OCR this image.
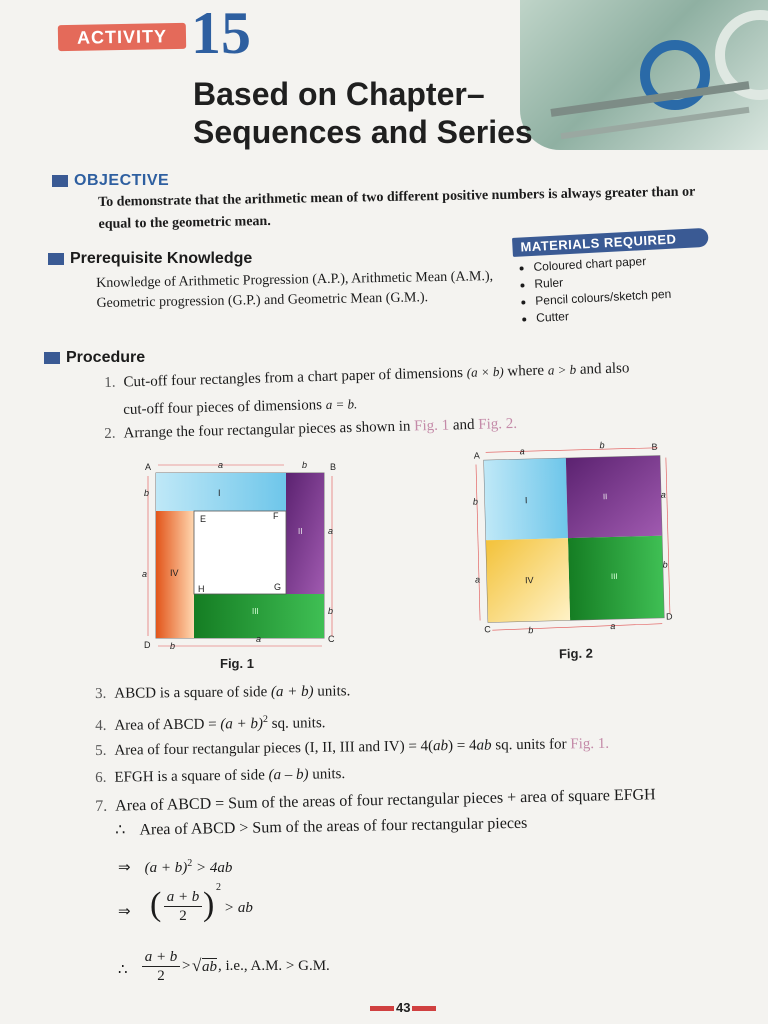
ACTIVITY 15
Based on Chapter–
Sequences and Series
OBJECTIVE
To demonstrate that the arithmetic mean of two different positive numbers is always greater than or equal to the geometric mean.
Prerequisite Knowledge
Knowledge of Arithmetic Progression (A.P.), Arithmetic Mean (A.M.), Geometric progression (G.P.) and Geometric Mean (G.M.).
MATERIALS REQUIRED
• Coloured chart paper
• Ruler
• Pencil colours/sketch pen
• Cutter
Procedure
1. Cut-off four rectangles from a chart paper of dimensions (a × b) where a > b and also
cut-off four pieces of dimensions a = b.
2. Arrange the four rectangular pieces as shown in Fig. 1 and Fig. 2.
A	B
C
D
E	F
G
H
I
II
III
IV
a	b
b
a
a
b
b
a
Fig. 1
A
B
C
D
I	II
III
IV
a
b
b
a
a
b
b	a
Fig. 2
3. ABCD is a square of side (a + b) units.
4. Area of ABCD = $(a + b)^2$ sq. units.
5. Area of four rectangular pieces (I, II, III and IV) = 4(ab) = 4ab sq. units for Fig. 1.
6. EFGH is a square of side (a – b) units.
7. Area of ABCD = Sum of the areas of four rectangular pieces + area of square EFGH
∴ Area of ABCD > Sum of the areas of four rectangular pieces
⇒ $(a + b)^2 > 4ab$
⇒ ( a + b
2 ) 2
> ab
∴
a + b
2
> √ ab , i.e., A.M. > G.M.
43
